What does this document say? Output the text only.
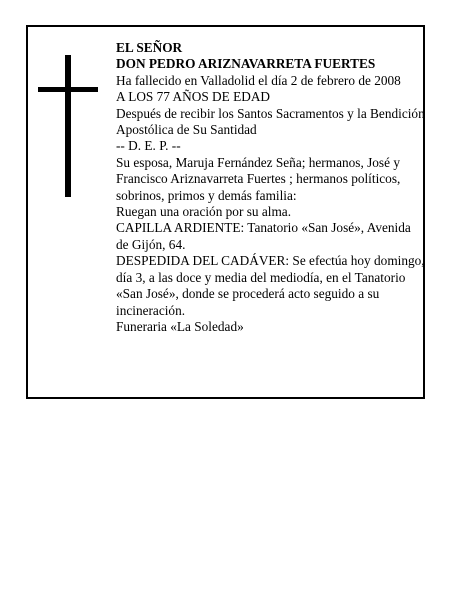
EL SEÑOR

DON PEDRO ARIZNAVARRETA FUERTES

Ha fallecido en Valladolid el día 2 de febrero de 2008

A LOS 77 AÑOS DE EDAD

Después de recibir los Santos Sacramentos y la Bendición Apostólica de Su Santidad

-- D. E. P. --

Su esposa, Maruja Fernández Seña; hermanos, José y Francisco Ariznavarreta Fuertes ; hermanos políticos, sobrinos, primos y demás familia:

Ruegan una oración por su alma.

CAPILLA ARDIENTE: Tanatorio «San José», Avenida de Gijón, 64.

DESPEDIDA DEL CADÁVER: Se efectúa hoy domingo, día 3, a las doce y media del mediodía, en el Tanatorio «San José», donde se procederá acto seguido a su incineración.

Funeraria «La Soledad»
